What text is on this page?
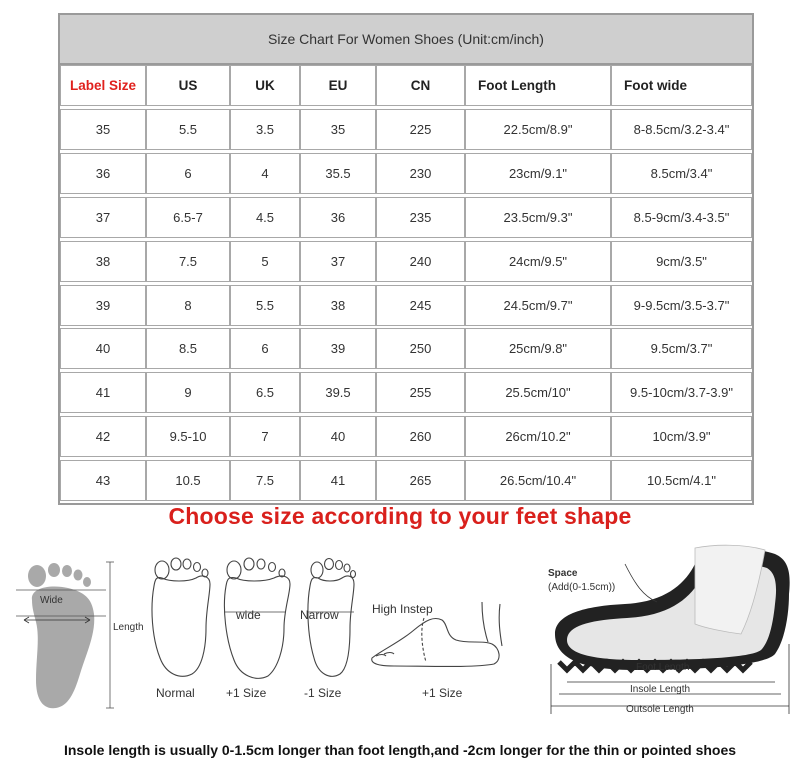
Size Chart For Women Shoes (Unit:cm/inch)
Label Size	US	UK	EU	CN	Foot Length	Foot wide
35	5.5	3.5	35	225	22.5cm/8.9"	8-8.5cm/3.2-3.4"
36	6	4	35.5	230	23cm/9.1"	8.5cm/3.4"
37	6.5-7	4.5	36	235	23.5cm/9.3"	8.5-9cm/3.4-3.5"
38	7.5	5	37	240	24cm/9.5"	9cm/3.5"
39	8	5.5	38	245	24.5cm/9.7"	9-9.5cm/3.5-3.7"
40	8.5	6	39	250	25cm/9.8"	9.5cm/3.7"
41	9	6.5	39.5	255	25.5cm/10"	9.5-10cm/3.7-3.9"
42	9.5-10	7	40	260	26cm/10.2"	10cm/3.9"
43	10.5	7.5	41	265	26.5cm/10.4"	10.5cm/4.1"
Choose size according to your feet shape
Wide
Length
wide	Narrow
Normal	+1 Size	-1 Size
High Instep
+1 Size
Space
(Add(0-1.5cm))
Foot Length
Insole Length
Outsole Length
Insole length is usually 0-1.5cm longer than foot length,and -2cm longer for the thin or pointed shoes
